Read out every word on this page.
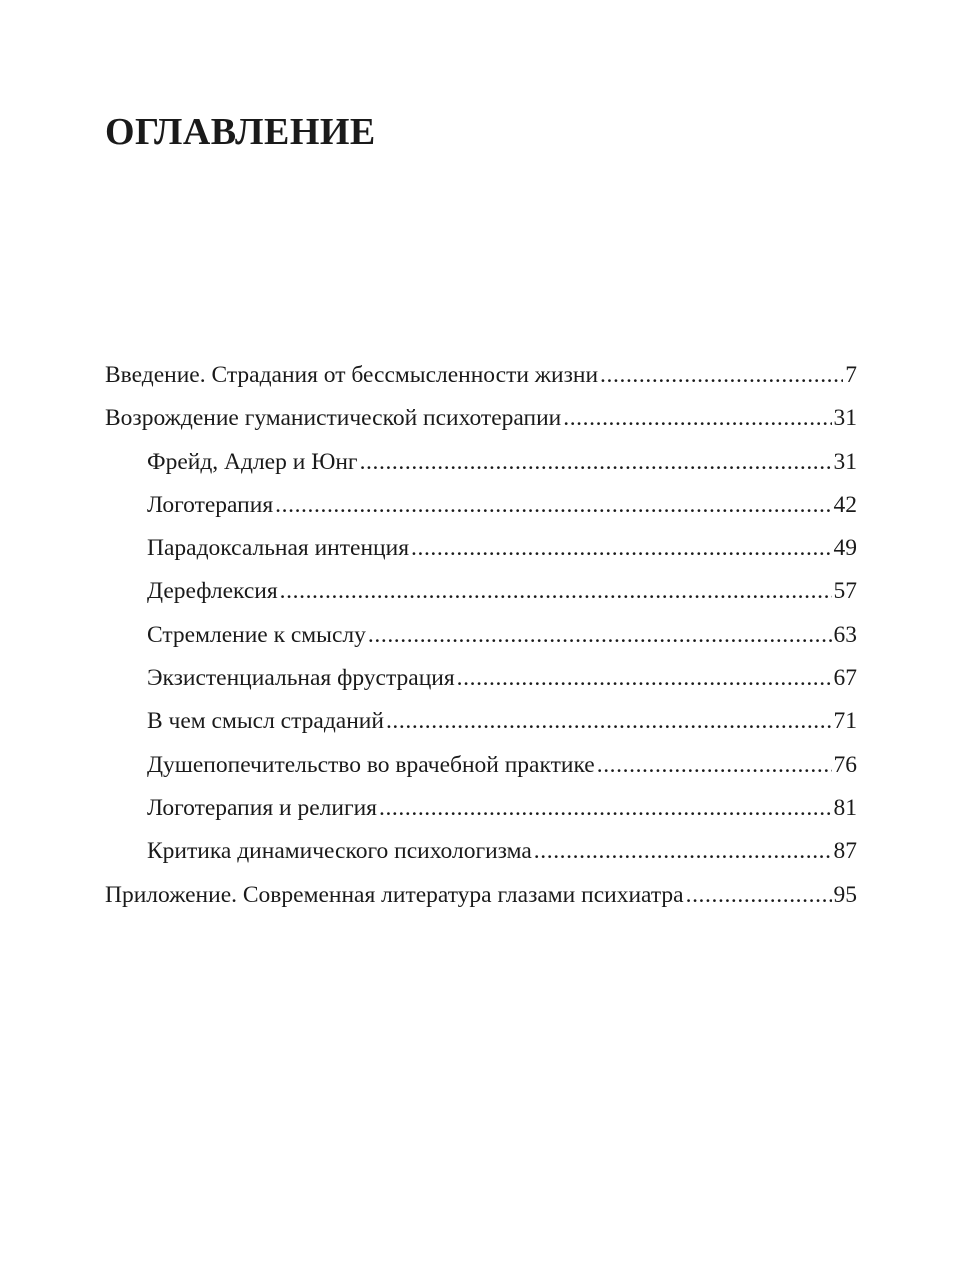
ОГЛАВЛЕНИЕ
Введение. Страдания от бессмысленности жизни .....	7
Возрождение гуманистической психотерапии .....	31
Фрейд, Адлер и Юнг .....	31
Логотерапия .....	42
Парадоксальная интенция .....	49
Дерефлексия .....	57
Стремление к смыслу .....	63
Экзистенциальная фрустрация .....	67
В чем смысл страданий .....	71
Душепопечительство во врачебной практике .....	76
Логотерапия и религия .....	81
Критика динамического психологизма .....	87
Приложение. Современная литература глазами психиатра .....	95
